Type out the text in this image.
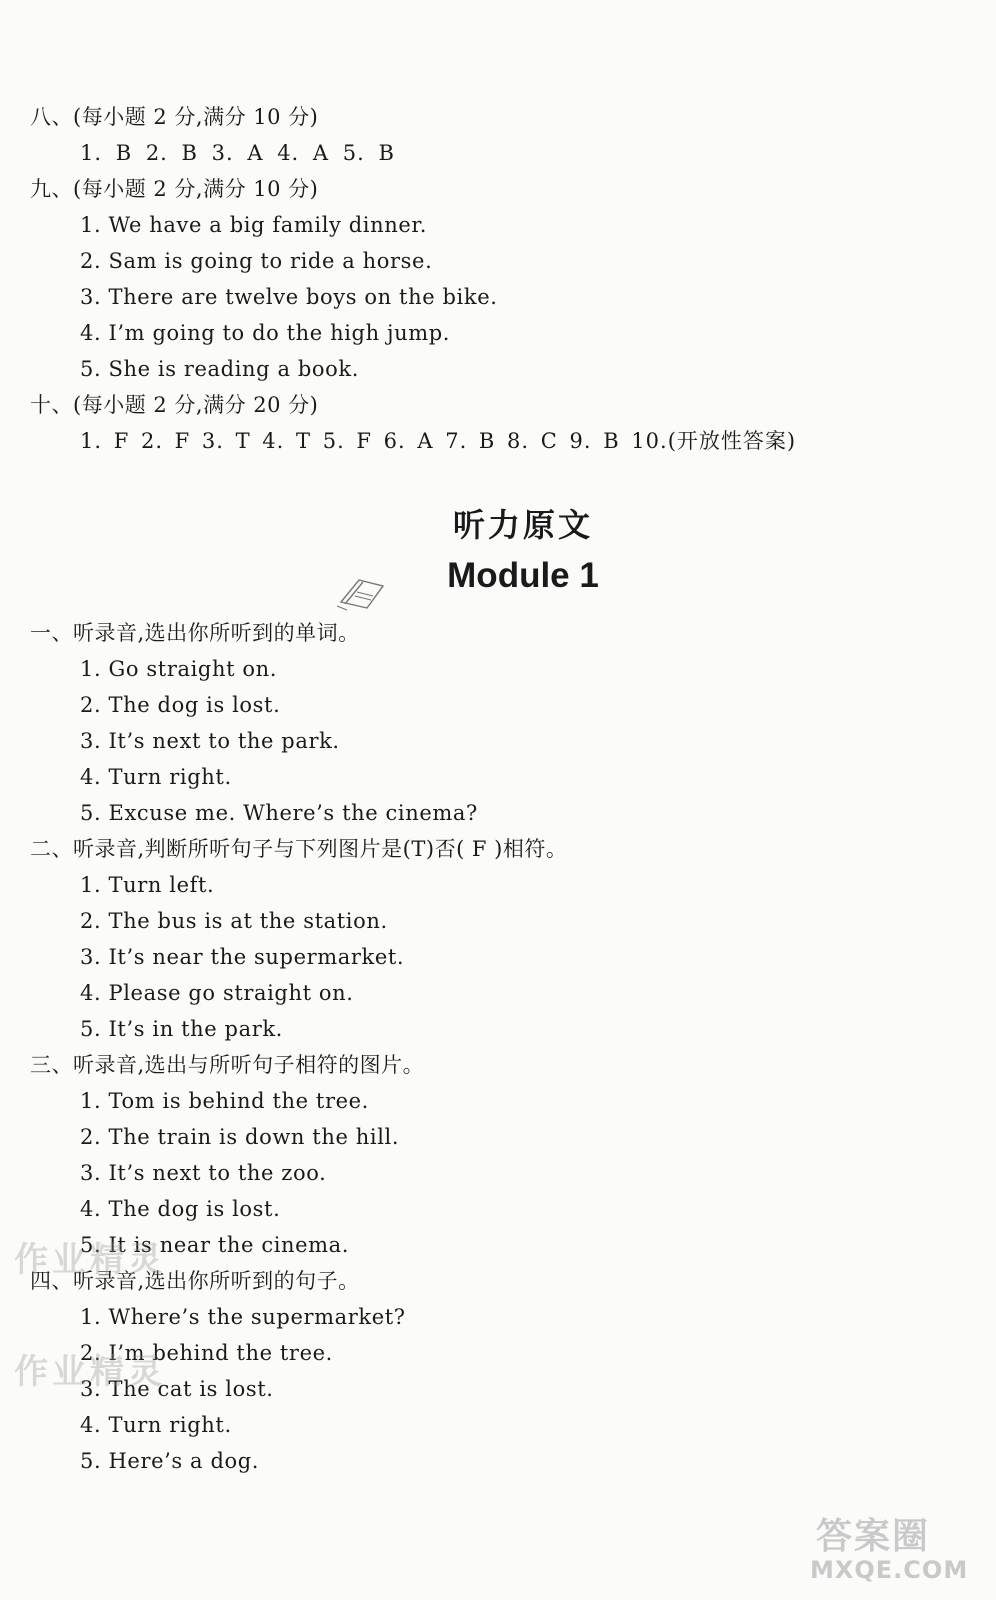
八、(每小题 2 分,满分 10 分)
1. B 2. B 3. A 4. A 5. B
九、(每小题 2 分,满分 10 分)
1. We have a big family dinner.
2. Sam is going to ride a horse.
3. There are twelve boys on the bike.
4. I’m going to do the high jump.
5. She is reading a book.
十、(每小题 2 分,满分 20 分)
1. F 2. F 3. T 4. T 5. F 6. A 7. B 8. C 9. B 10.(开放性答案)
听力原文
Module 1
一、听录音,选出你所听到的单词。
1. Go straight on.
2. The dog is lost.
3. It’s next to the park.
4. Turn right.
5. Excuse me. Where’s the cinema?
二、听录音,判断所听句子与下列图片是(T)否( F )相符。
1. Turn left.
2. The bus is at the station.
3. It’s near the supermarket.
4. Please go straight on.
5. It’s in the park.
三、听录音,选出与所听句子相符的图片。
1. Tom is behind the tree.
2. The train is down the hill.
3. It’s next to the zoo.
4. The dog is lost.
5. It is near the cinema.
四、听录音,选出你所听到的句子。
1. Where’s the supermarket?
2. I’m behind the tree.
3. The cat is lost.
4. Turn right.
5. Here’s a dog.
作业精灵
作业精灵
答案圈
MXQE.COM
